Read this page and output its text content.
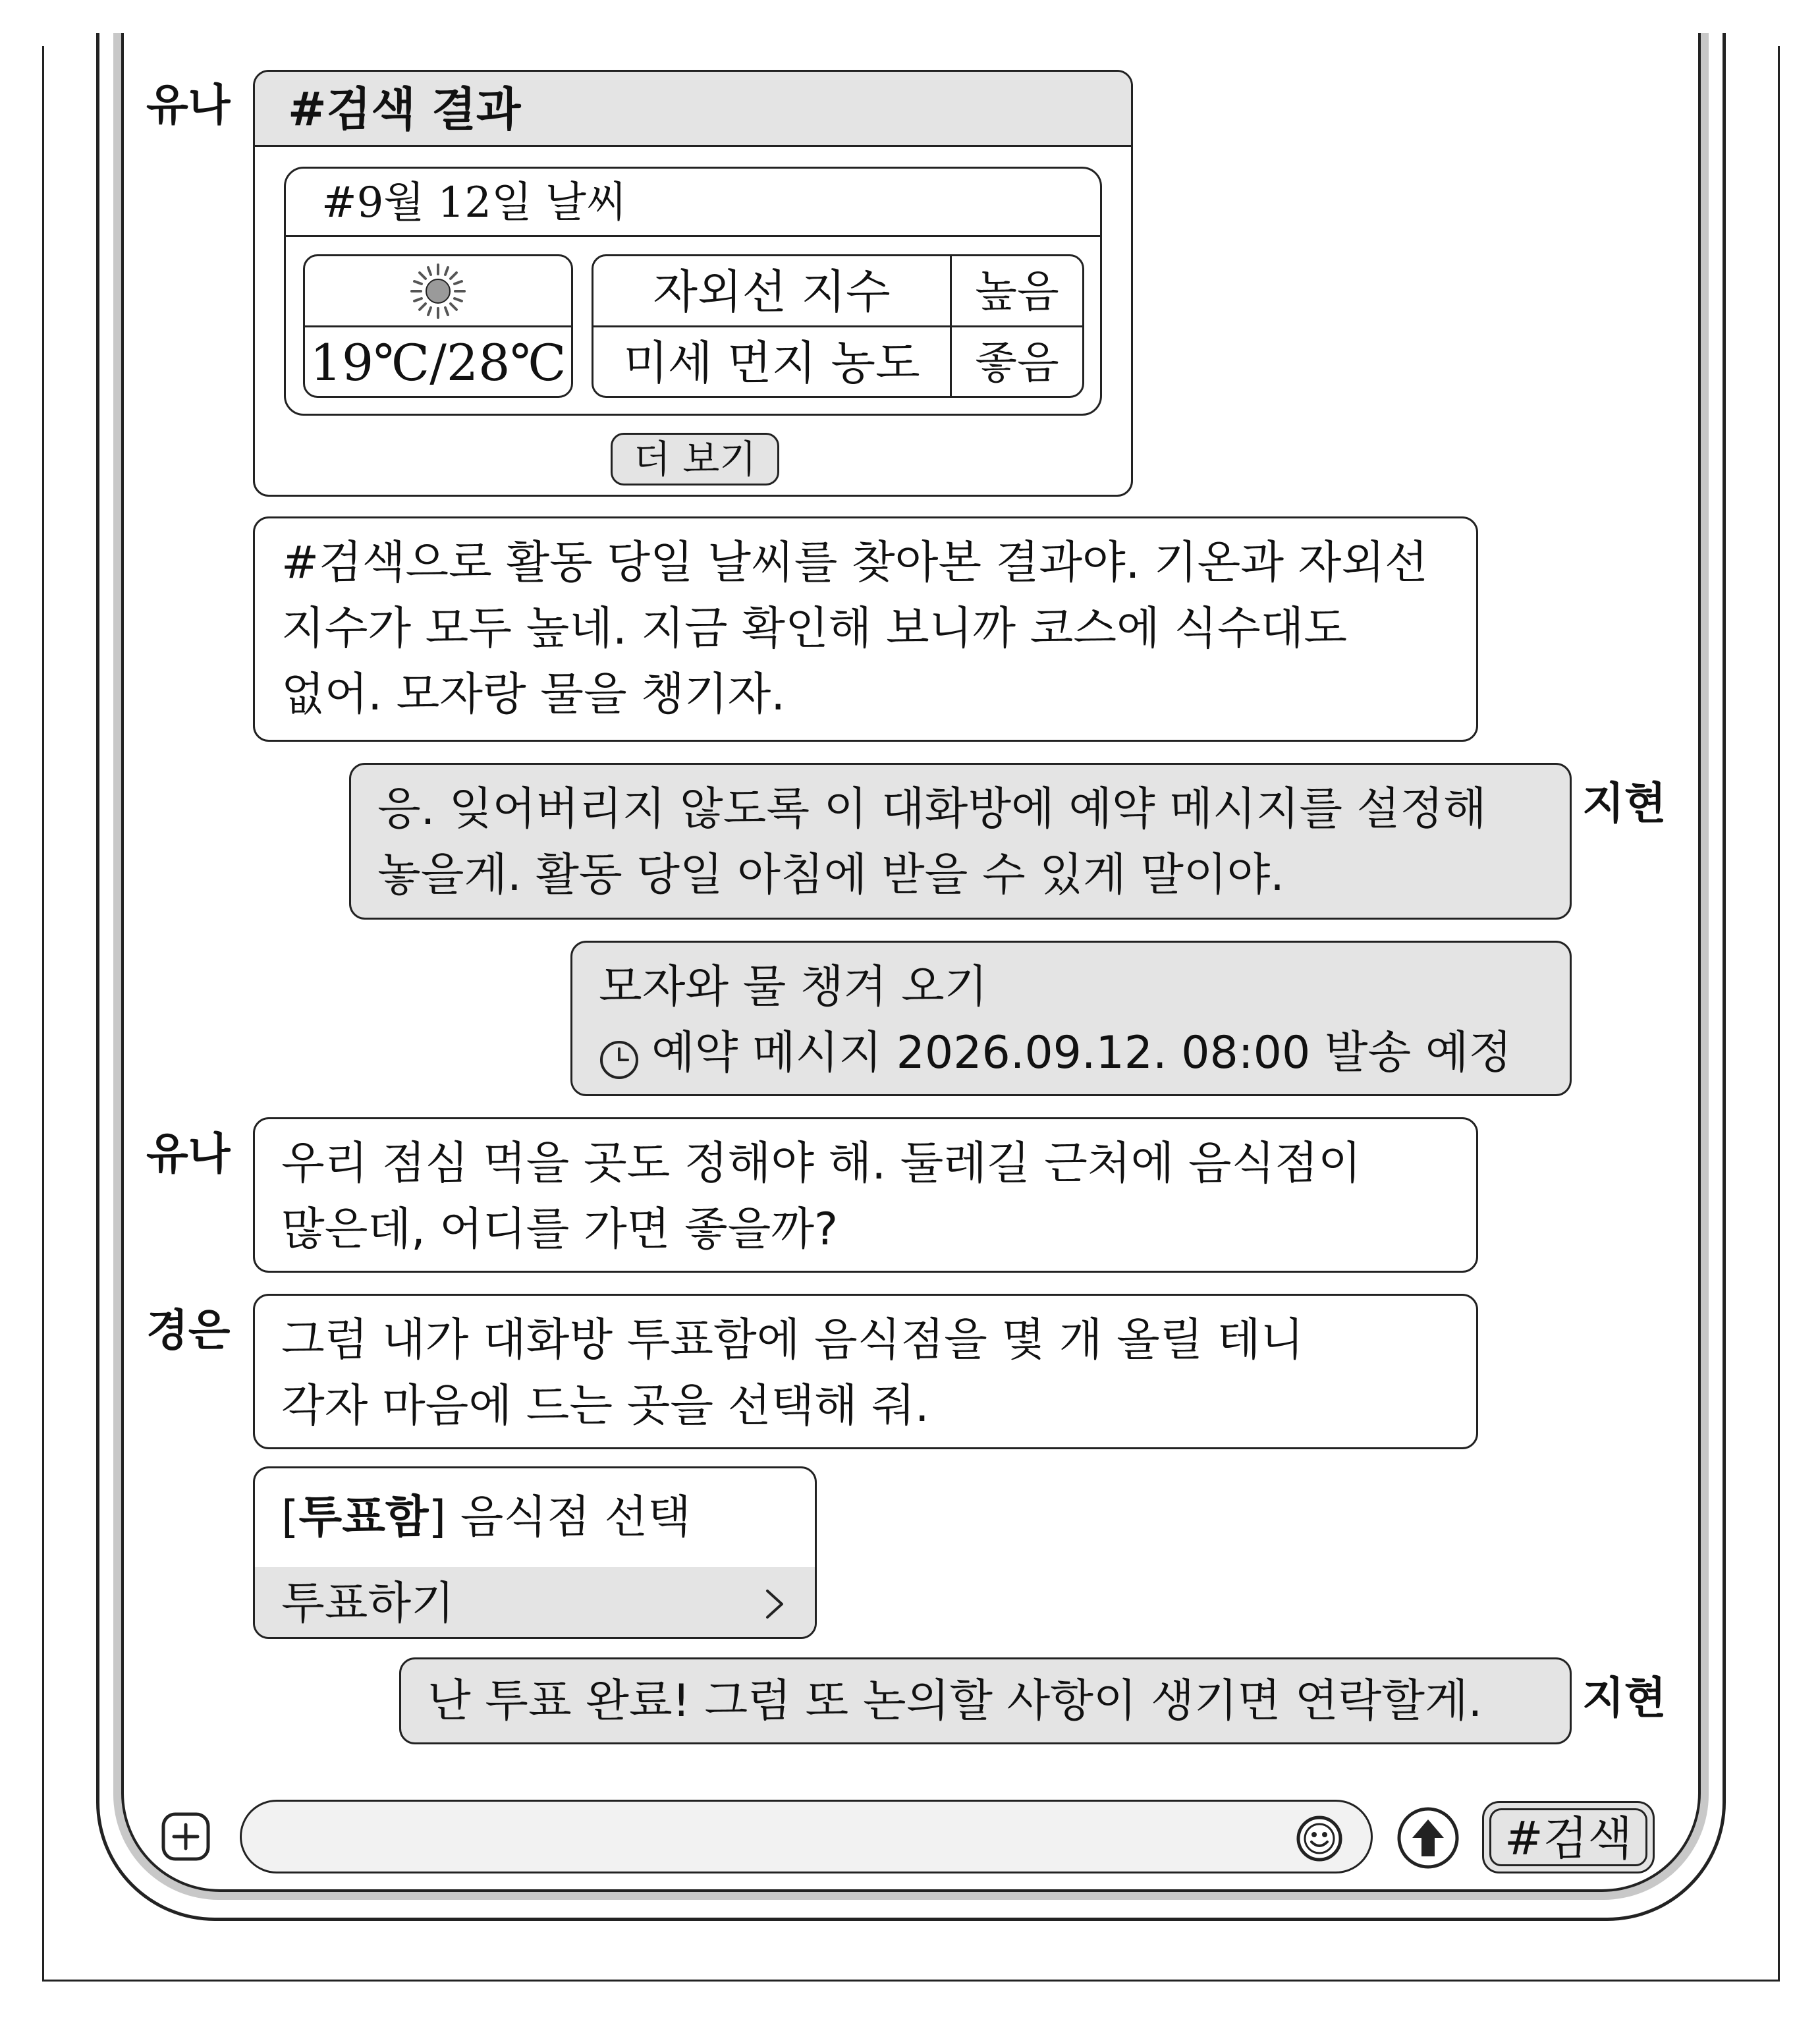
유나	#검색 결과
#9월 12일 날씨
19℃/28℃
자외선 지수	높음
미세 먼지 농도	좋음
더 보기

#검색으로 활동 당일 날씨를 찾아본 결과야. 기온과 자외선

지수가 모두 높네. 지금 확인해 보니까 코스에 식수대도

없어. 모자랑 물을 챙기자.

응. 잊어버리지 않도록 이 대화방에 예약 메시지를 설정해

놓을게. 활동 당일 아침에 받을 수 있게 말이야.

지현

모자와 물 챙겨 오기

예약 메시지 2026.09.12. 08:00 발송 예정

유나 우리 점심 먹을 곳도 정해야 해. 둘레길 근처에 음식점이

많은데, 어디를 가면 좋을까?

경은 그럼 내가 대화방 투표함에 음식점을 몇 개 올릴 테니

각자 마음에 드는 곳을 선택해 줘.

[투표함] 음식점 선택
투표하기

난 투표 완료! 그럼 또 논의할 사항이 생기면 연락할게.	지현
#검색
